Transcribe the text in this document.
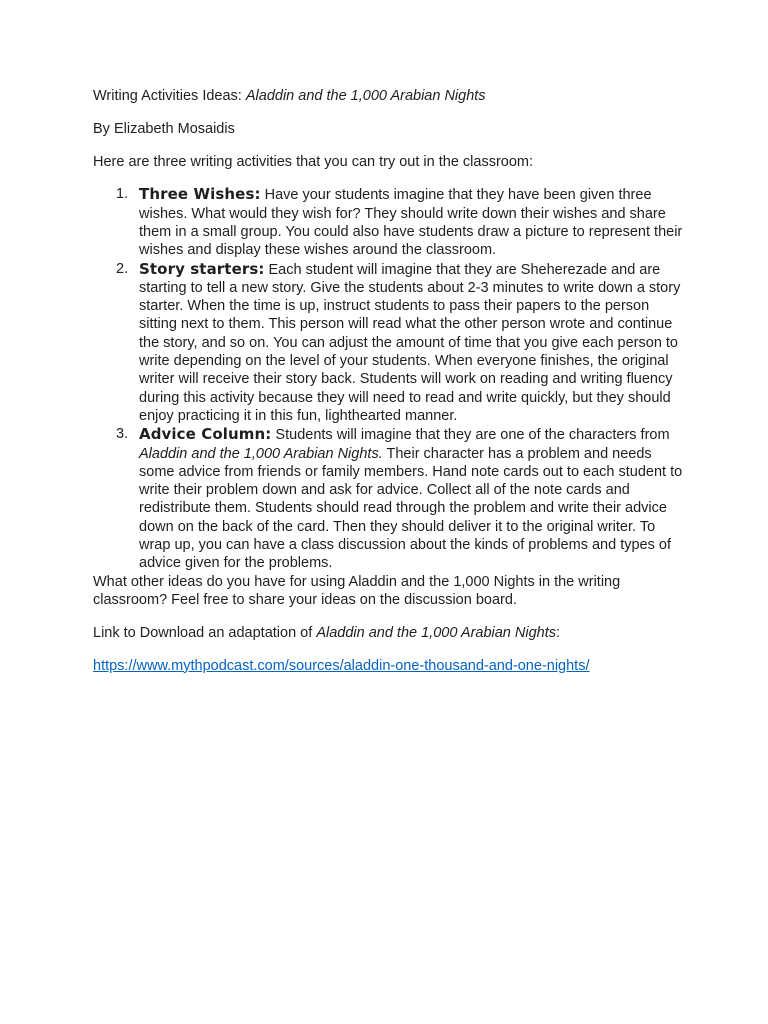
Writing Activities Ideas: Aladdin and the 1,000 Arabian Nights

By Elizabeth Mosaidis

Here are three writing activities that you can try out in the classroom:

1. Three Wishes: Have your students imagine that they have been given three wishes. What would they wish for? They should write down their wishes and share them in a small group. You could also have students draw a picture to represent their wishes and display these wishes around the classroom.
2. Story starters: Each student will imagine that they are Sheherezade and are starting to tell a new story. Give the students about 2-3 minutes to write down a story starter. When the time is up, instruct students to pass their papers to the person sitting next to them. This person will read what the other person wrote and continue the story, and so on. You can adjust the amount of time that you give each person to write depending on the level of your students. When everyone finishes, the original writer will receive their story back. Students will work on reading and writing fluency during this activity because they will need to read and write quickly, but they should enjoy practicing it in this fun, lighthearted manner.
3. Advice Column: Students will imagine that they are one of the characters from Aladdin and the 1,000 Arabian Nights. Their character has a problem and needs some advice from friends or family members. Hand note cards out to each student to write their problem down and ask for advice. Collect all of the note cards and redistribute them. Students should read through the problem and write their advice down on the back of the card. Then they should deliver it to the original writer. To wrap up, you can have a class discussion about the kinds of problems and types of advice given for the problems.

What other ideas do you have for using Aladdin and the 1,000 Nights in the writing classroom? Feel free to share your ideas on the discussion board.

Link to Download an adaptation of Aladdin and the 1,000 Arabian Nights:

https://www.mythpodcast.com/sources/aladdin-one-thousand-and-one-nights/
